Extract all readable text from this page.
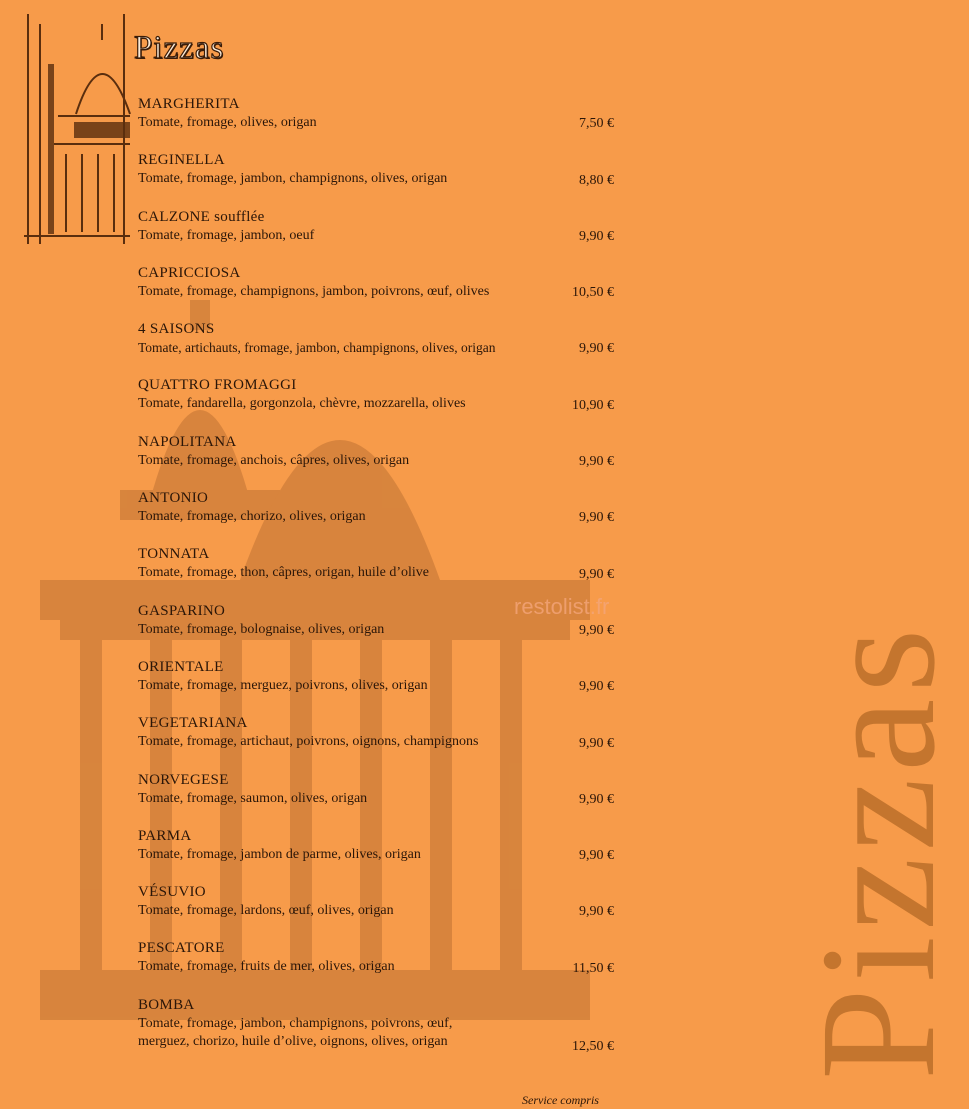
Pizzas
restolist.fr
MARGHERITA
Tomate, fromage, olives, origan	7,50 €
REGINELLA
Tomate, fromage, jambon, champignons, olives, origan	8,80 €
CALZONE soufflée
Tomate, fromage, jambon, oeuf	9,90 €
CAPRICCIOSA
Tomate, fromage, champignons, jambon, poivrons, œuf, olives	10,50 €
4 SAISONS
Tomate, artichauts, fromage, jambon, champignons, olives, origan	9,90 €
QUATTRO FROMAGGI
Tomate, fandarella, gorgonzola, chèvre, mozzarella, olives	10,90 €
NAPOLITANA
Tomate, fromage, anchois, câpres, olives, origan	9,90 €
ANTONIO
Tomate, fromage, chorizo, olives, origan	9,90 €
TONNATA
Tomate, fromage, thon, câpres, origan, huile d’olive	9,90 €
GASPARINO
Tomate, fromage, bolognaise, olives, origan	9,90 €
ORIENTALE
Tomate, fromage, merguez, poivrons, olives, origan	9,90 €
VEGETARIANA
Tomate, fromage, artichaut, poivrons, oignons, champignons	9,90 €
NORVEGESE
Tomate, fromage, saumon, olives, origan	9,90 €
PARMA
Tomate, fromage, jambon de parme, olives, origan	9,90 €
VÉSUVIO
Tomate, fromage, lardons, œuf, olives, origan	9,90 €
PESCATORE
Tomate, fromage, fruits de mer, olives, origan	11,50 €
BOMBA
Tomate, fromage, jambon, champignons, poivrons, œuf, merguez, chorizo, huile d’olive, oignons, olives, origan	12,50 €
Service compris
Pizzas
